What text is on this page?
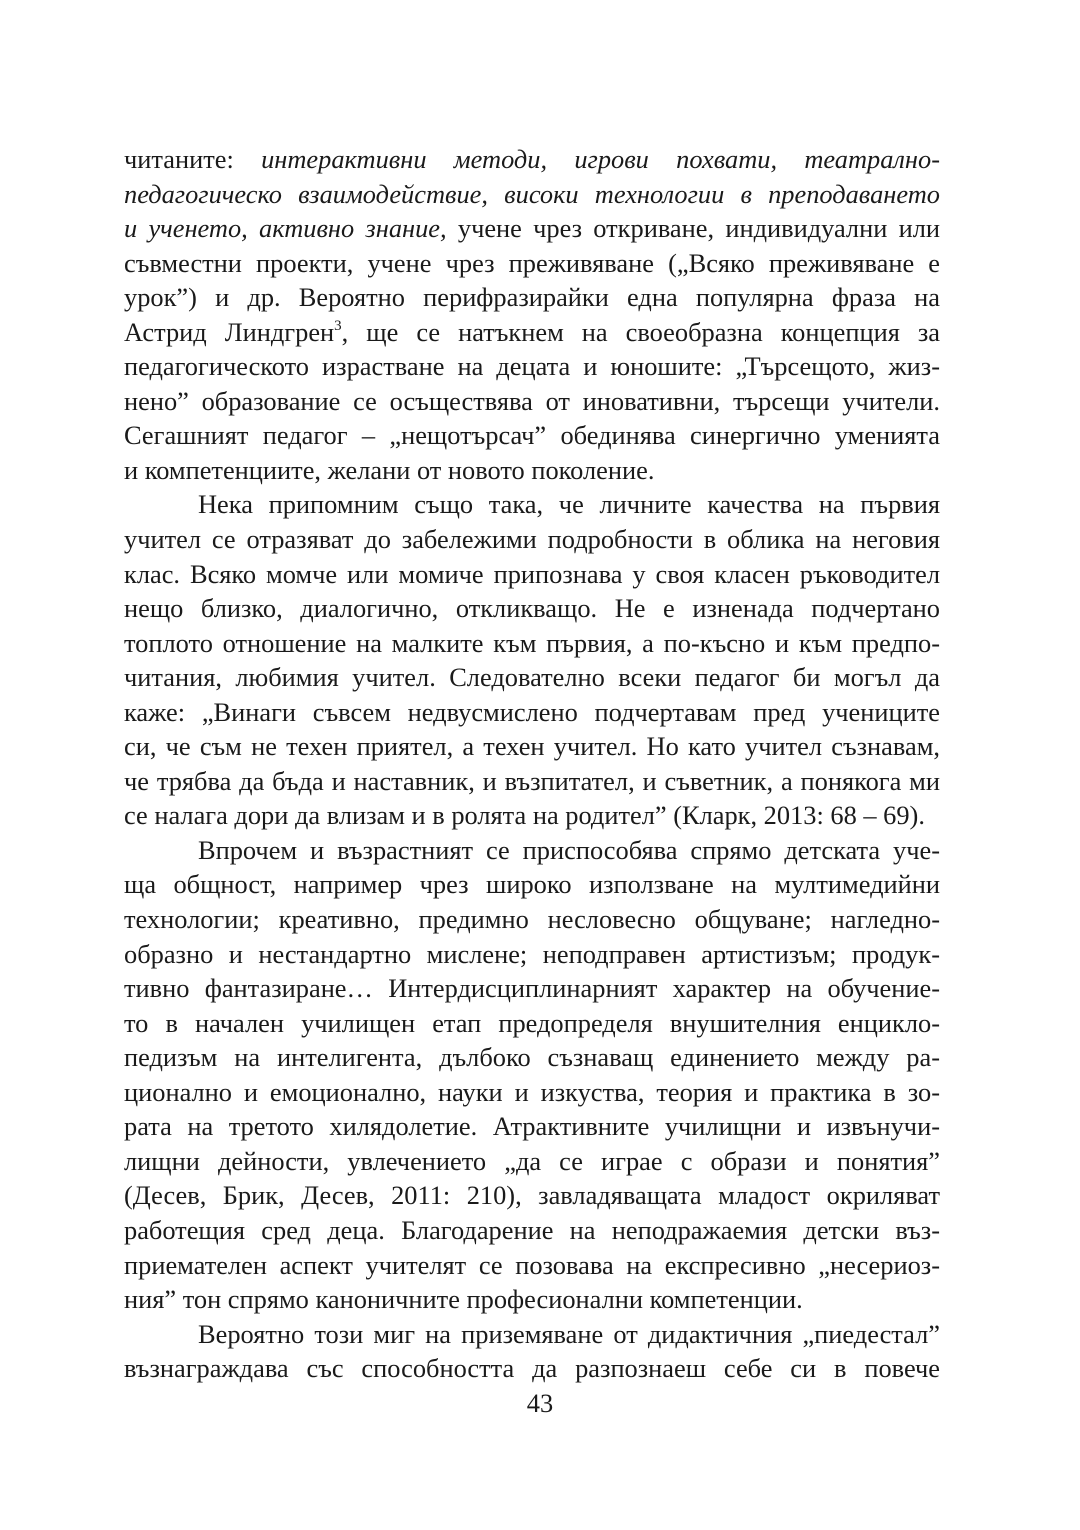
читаните: интерактивни методи, игрови похвати, театрално-
педагогическо взаимодействие, високи технологии в преподаването
и ученето, активно знание, учене чрез откриване, индивидуални или
съвместни проекти, учене чрез преживяване („Всяко преживяване е
урок”) и др. Вероятно перифразирайки една популярна фраза на
Астрид Линдгрен$^3$, ще се натъкнем на своеобразна концепция за
педагогическото израстване на децата и юношите: „Търсещото, жиз-
нено” образование се осъществява от иновативни, търсещи учители.
Сегашният педагог – „нещотърсач” обединява синергично уменията
и компетенциите, желани от новото поколение.
Нека припомним също така, че личните качества на първия
учител се отразяват до забележими подробности в облика на неговия
клас. Всяко момче или момиче припознава у своя класен ръководител
нещо близко, диалогично, откликващо. Не е изненада подчертано
топлото отношение на малките към първия, а по-късно и към предпо-
читания, любимия учител. Следователно всеки педагог би могъл да
каже: „Винаги съвсем недвусмислено подчертавам пред учениците
си, че съм не техен приятел, а техен учител. Но като учител съзнавам,
че трябва да бъда и наставник, и възпитател, и съветник, а понякога ми
се налага дори да влизам и в ролята на родител” (Кларк, 2013: 68 – 69).
Впрочем и възрастният се приспособява спрямо детската уче-
ща общност, например чрез широко използване на мултимедийни
технологии; креативно, предимно несловесно общуване; нагледно-
образно и нестандартно мислене; неподправен артистизъм; продук-
тивно фантазиране… Интердисциплинарният характер на обучение-
то в начален училищен етап предопределя внушителния енцикло-
педизъм на интелигента, дълбоко съзнаващ единението между ра-
ционално и емоционално, науки и изкуства, теория и практика в зо-
рата на третото хилядолетие. Атрактивните училищни и извънучи-
лищни дейности, увлечението „да се играе с образи и понятия”
(Десев, Брик, Десев, 2011: 210), завладяващата младост окриляват
работещия сред деца. Благодарение на неподражаемия детски въз-
приемателен аспект учителят се позовава на експресивно „несериоз-
ния” тон спрямо каноничните професионални компетенции.
Вероятно този миг на приземяване от дидактичния „пиедестал”
възнаграждава със способността да разпознаеш себе си в повече
43
